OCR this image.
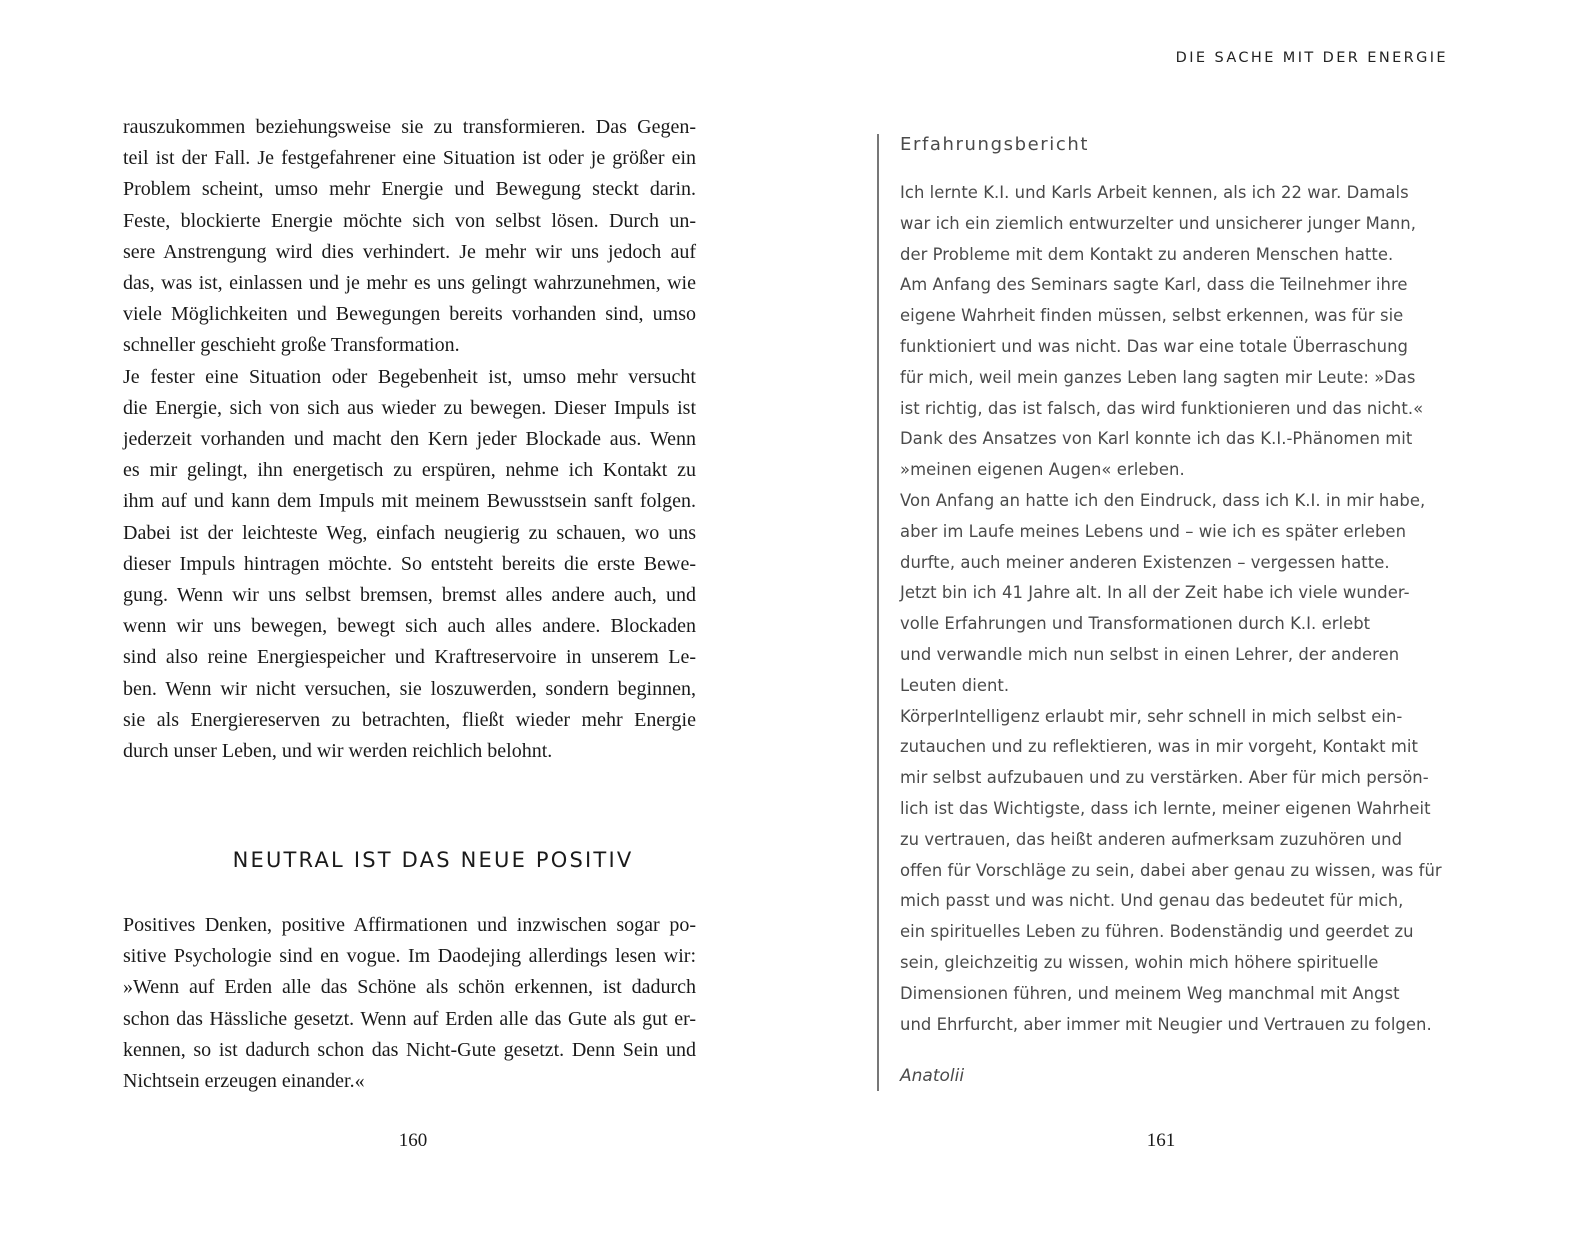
rauszukommen beziehungsweise sie zu transformieren. Das Gegen-
teil ist der Fall. Je festgefahrener eine Situation ist oder je größer ein
Problem scheint, umso mehr Energie und Bewegung steckt darin.
Feste, blockierte Energie möchte sich von selbst lösen. Durch un-
sere Anstrengung wird dies verhindert. Je mehr wir uns jedoch auf
das, was ist, einlassen und je mehr es uns gelingt wahrzunehmen, wie
viele Möglichkeiten und Bewegungen bereits vorhanden sind, umso
schneller geschieht große Transformation.

Je fester eine Situation oder Begebenheit ist, umso mehr versucht
die Energie, sich von sich aus wieder zu bewegen. Dieser Impuls ist
jederzeit vorhanden und macht den Kern jeder Blockade aus. Wenn
es mir gelingt, ihn energetisch zu erspüren, nehme ich Kontakt zu
ihm auf und kann dem Impuls mit meinem Bewusstsein sanft folgen.
Dabei ist der leichteste Weg, einfach neugierig zu schauen, wo uns
dieser Impuls hintragen möchte. So entsteht bereits die erste Bewe-
gung. Wenn wir uns selbst bremsen, bremst alles andere auch, und
wenn wir uns bewegen, bewegt sich auch alles andere. Blockaden
sind also reine Energiespeicher und Kraftreservoire in unserem Le-
ben. Wenn wir nicht versuchen, sie loszuwerden, sondern beginnen,
sie als Energiereserven zu betrachten, fließt wieder mehr Energie
durch unser Leben, und wir werden reichlich belohnt.

NEUTRAL IST DAS NEUE POSITIV

Positives Denken, positive Affirmationen und inzwischen sogar po-
sitive Psychologie sind en vogue. Im Daodejing allerdings lesen wir:
»Wenn auf Erden alle das Schöne als schön erkennen, ist dadurch
schon das Hässliche gesetzt. Wenn auf Erden alle das Gute als gut er-
kennen, so ist dadurch schon das Nicht-Gute gesetzt. Denn Sein und
Nichtsein erzeugen einander.«

160
DIE SACHE MIT DER ENERGIE

Erfahrungsbericht

Ich lernte K.I. und Karls Arbeit kennen, als ich 22 war. Damals
war ich ein ziemlich entwurzelter und unsicherer junger Mann,
der Probleme mit dem Kontakt zu anderen Menschen hatte.
Am Anfang des Seminars sagte Karl, dass die Teilnehmer ihre
eigene Wahrheit finden müssen, selbst erkennen, was für sie
funktioniert und was nicht. Das war eine totale Überraschung
für mich, weil mein ganzes Leben lang sagten mir Leute: »Das
ist richtig, das ist falsch, das wird funktionieren und das nicht.«
Dank des Ansatzes von Karl konnte ich das K.I.-Phänomen mit
»meinen eigenen Augen« erleben.
Von Anfang an hatte ich den Eindruck, dass ich K.I. in mir habe,
aber im Laufe meines Lebens und – wie ich es später erleben
durfte, auch meiner anderen Existenzen – vergessen hatte.
Jetzt bin ich 41 Jahre alt. In all der Zeit habe ich viele wunder-
volle Erfahrungen und Transformationen durch K.I. erlebt
und verwandle mich nun selbst in einen Lehrer, der anderen
Leuten dient.
KörperIntelligenz erlaubt mir, sehr schnell in mich selbst ein-
zutauchen und zu reflektieren, was in mir vorgeht, Kontakt mit
mir selbst aufzubauen und zu verstärken. Aber für mich persön-
lich ist das Wichtigste, dass ich lernte, meiner eigenen Wahrheit
zu vertrauen, das heißt anderen aufmerksam zuzuhören und
offen für Vorschläge zu sein, dabei aber genau zu wissen, was für
mich passt und was nicht. Und genau das bedeutet für mich,
ein spirituelles Leben zu führen. Bodenständig und geerdet zu
sein, gleichzeitig zu wissen, wohin mich höhere spirituelle
Dimensionen führen, und meinem Weg manchmal mit Angst
und Ehrfurcht, aber immer mit Neugier und Vertrauen zu folgen.

Anatolii
161
